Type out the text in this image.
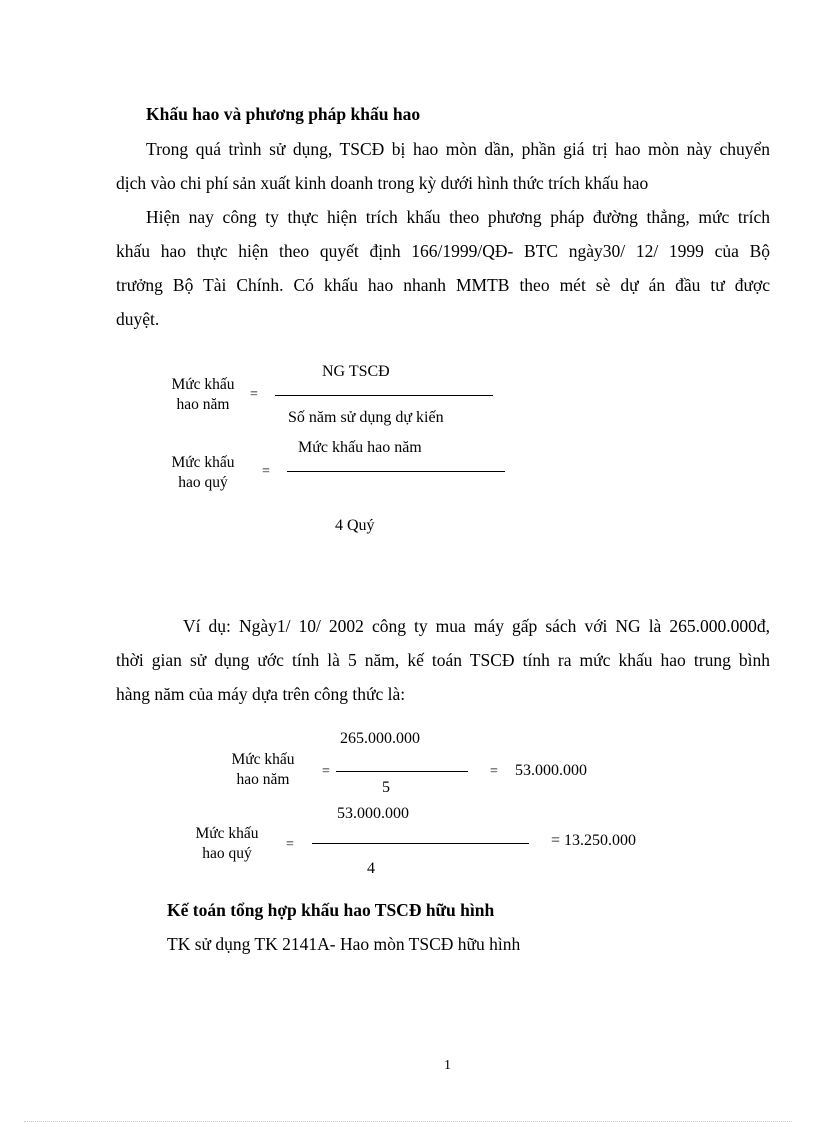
Khấu hao và phương pháp khấu hao
Trong quá trình sử dụng, TSCĐ bị hao mòn dần, phần giá trị hao mòn này chuyển
dịch vào chi phí sản xuất kinh doanh trong kỳ dưới hình thức trích khấu hao
Hiện nay công ty thực hiện trích khấu theo phương pháp đường thẳng, mức trích
khấu hao thực hiện theo quyết định 166/1999/QĐ- BTC ngày30/ 12/ 1999 của Bộ
trưởng Bộ Tài Chính. Có khấu hao nhanh MMTB theo mét sè dự án đầu tư được
duyệt.
Mức khấu
hao năm
=
NG TSCĐ
Số năm sử dụng dự kiến
Mức khấu
hao quý
=
Mức khấu hao năm
4 Quý
Ví dụ: Ngày1/ 10/ 2002 công ty mua máy gấp sách với NG là 265.000.000đ,
thời gian sử dụng ước tính là 5 năm, kế toán TSCĐ tính ra mức khấu hao trung bình
hàng năm của máy dựa trên công thức là:
Mức khấu
hao năm	=
265.000.000
5
= 53.000.000
Mức khấu
hao quý
=
53.000.000
4
= 13.250.000
Kế toán tổng hợp khấu hao TSCĐ hữu hình
TK sử dụng TK 2141A- Hao mòn TSCĐ hữu hình
1
